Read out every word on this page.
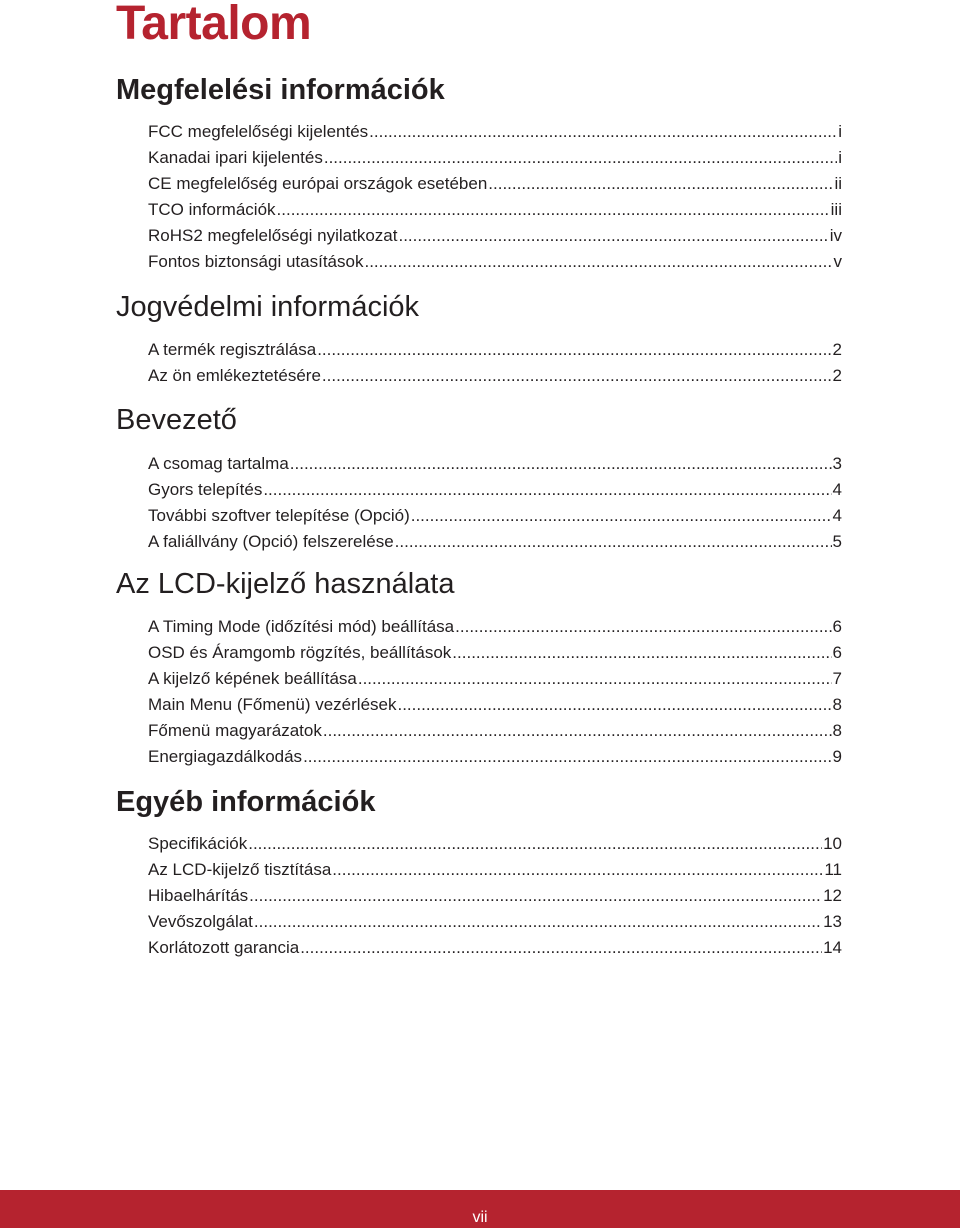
Tartalom
Megfelelési információk
FCC megfelelőségi kijelentés .....	i
Kanadai ipari kijelentés .....	i
CE megfelelőség európai országok esetében .....	ii
TCO információk .....	iii
RoHS2 megfelelőségi nyilatkozat .....	iv
Fontos biztonsági utasítások .....	v
Jogvédelmi információk
A termék regisztrálása .....	2
Az ön emlékeztetésére .....	2
Bevezető
A csomag tartalma .....	3
Gyors telepítés .....	4
További szoftver telepítése (Opció) .....	4
A faliállvány (Opció) felszerelése .....	5
Az LCD-kijelző használata
A Timing Mode (időzítési mód) beállítása .....	6
OSD és Áramgomb rögzítés, beállítások .....	6
A kijelző képének beállítása .....	7
Main Menu (Főmenü) vezérlések .....	8
Főmenü magyarázatok .....	8
Energiagazdálkodás .....	9
Egyéb információk
Specifikációk .....	10
Az LCD-kijelző tisztítása .....	11
Hibaelhárítás .....	12
Vevőszolgálat .....	13
Korlátozott garancia .....	14
vii
